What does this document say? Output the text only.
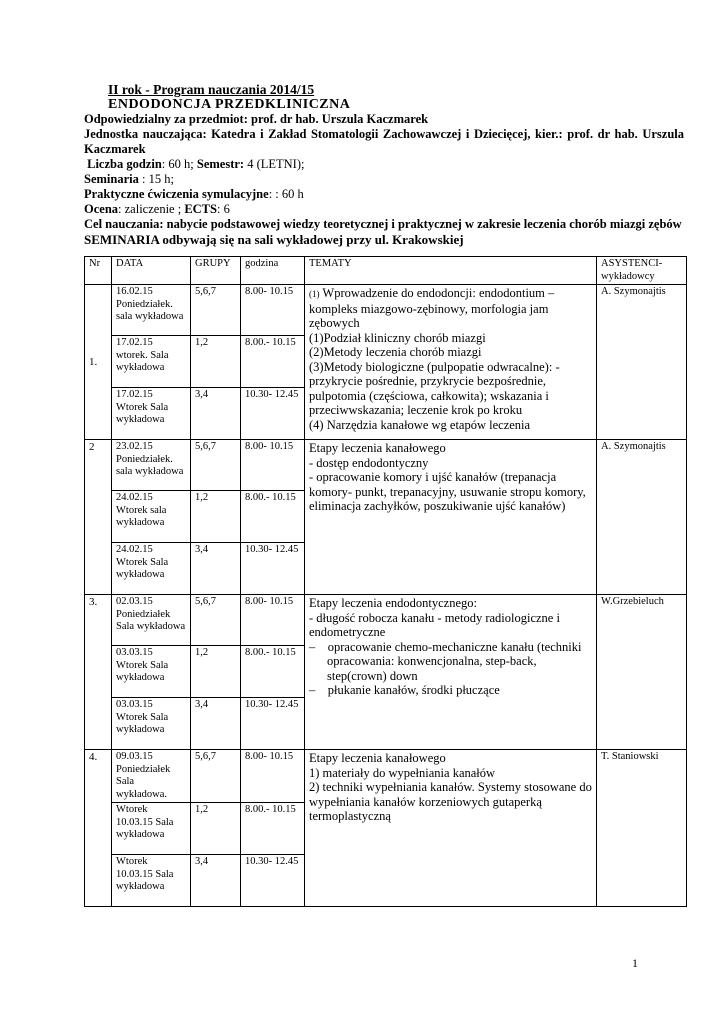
II rok - Program nauczania 2014/15
ENDODONCJA PRZEDKLINICZNA
Odpowiedzialny za przedmiot: prof. dr hab. Urszula Kaczmarek
Jednostka nauczająca: Katedra i Zakład Stomatologii Zachowawczej i Dziecięcej, kier.: prof. dr hab. Urszula Kaczmarek
Liczba godzin: 60 h; Semestr: 4 (LETNI);
Seminaria : 15 h;
Praktyczne ćwiczenia symulacyjne: : 60 h
Ocena: zaliczenie ; ECTS: 6
Cel nauczania: nabycie podstawowej wiedzy teoretycznej i praktycznej w zakresie leczenia chorób miazgi zębów
SEMINARIA odbywają się na sali wykładowej przy ul. Krakowskiej
Nr	DATA	GRUPY	godzina	TEMATY	ASYSTENCI- wykładowcy
1.	16.02.15 Poniedziałek. sala wykładowa	5,6,7	8.00- 10.15	(1) Wprowadzenie do endodoncji: endodontium – kompleks miazgowo-zębinowy, morfologia jam zębowych
(1)Podział kliniczny chorób miazgi
(2)Metody leczenia chorób miazgi
(3)Metody biologiczne (pulpopatie odwracalne): -przykrycie pośrednie, przykrycie bezpośrednie, pulpotomia (częściowa, całkowita); wskazania i przeciwwskazania; leczenie krok po kroku
(4) Narzędzia kanałowe wg etapów leczenia	A. Szymonajtis
	17.02.15 wtorek. Sala wykładowa	1,2	8.00.- 10.15		
	17.02.15 Wtorek Sala wykładowa	3,4	10.30- 12.45		
2	23.02.15 Poniedziałek. sala wykładowa	5,6,7	8.00- 10.15	Etapy leczenia kanałowego
- dostęp endodontyczny
- opracowanie komory i ujść kanałów (trepanacja komory- punkt, trepanacyjny, usuwanie stropu komory, eliminacja zachyłków, poszukiwanie ujść kanałów)	A. Szymonajtis
	24.02.15 Wtorek sala wykładowa	1,2	8.00.- 10.15		
	24.02.15 Wtorek Sala wykładowa	3,4	10.30- 12.45		
3.	02.03.15 Poniedziałek Sala wykładowa	5,6,7	8.00- 10.15	Etapy leczenia endodontycznego:
- długość robocza kanału - metody radiologiczne i endometryczne
– opracowanie chemo-mechaniczne kanału (techniki opracowania: konwencjonalna, step-back, step(crown) down
– płukanie kanałów, środki płuczące	W.Grzebieluch
	03.03.15 Wtorek Sala wykładowa	1,2	8.00.- 10.15		
	03.03.15 Wtorek Sala wykładowa	3,4	10.30- 12.45		
4.	09.03.15 Poniedziałek Sala wykładowa.	5,6,7	8.00- 10.15	Etapy leczenia kanałowego
1) materiały do wypełniania kanałów
2) techniki wypełniania kanałów. Systemy stosowane do wypełniania kanałów korzeniowych gutaperką termoplastyczną	T. Staniowski
	Wtorek 10.03.15 Sala wykładowa	1,2	8.00.- 10.15		
	Wtorek 10.03.15 Sala wykładowa	3,4	10.30- 12.45		
1
